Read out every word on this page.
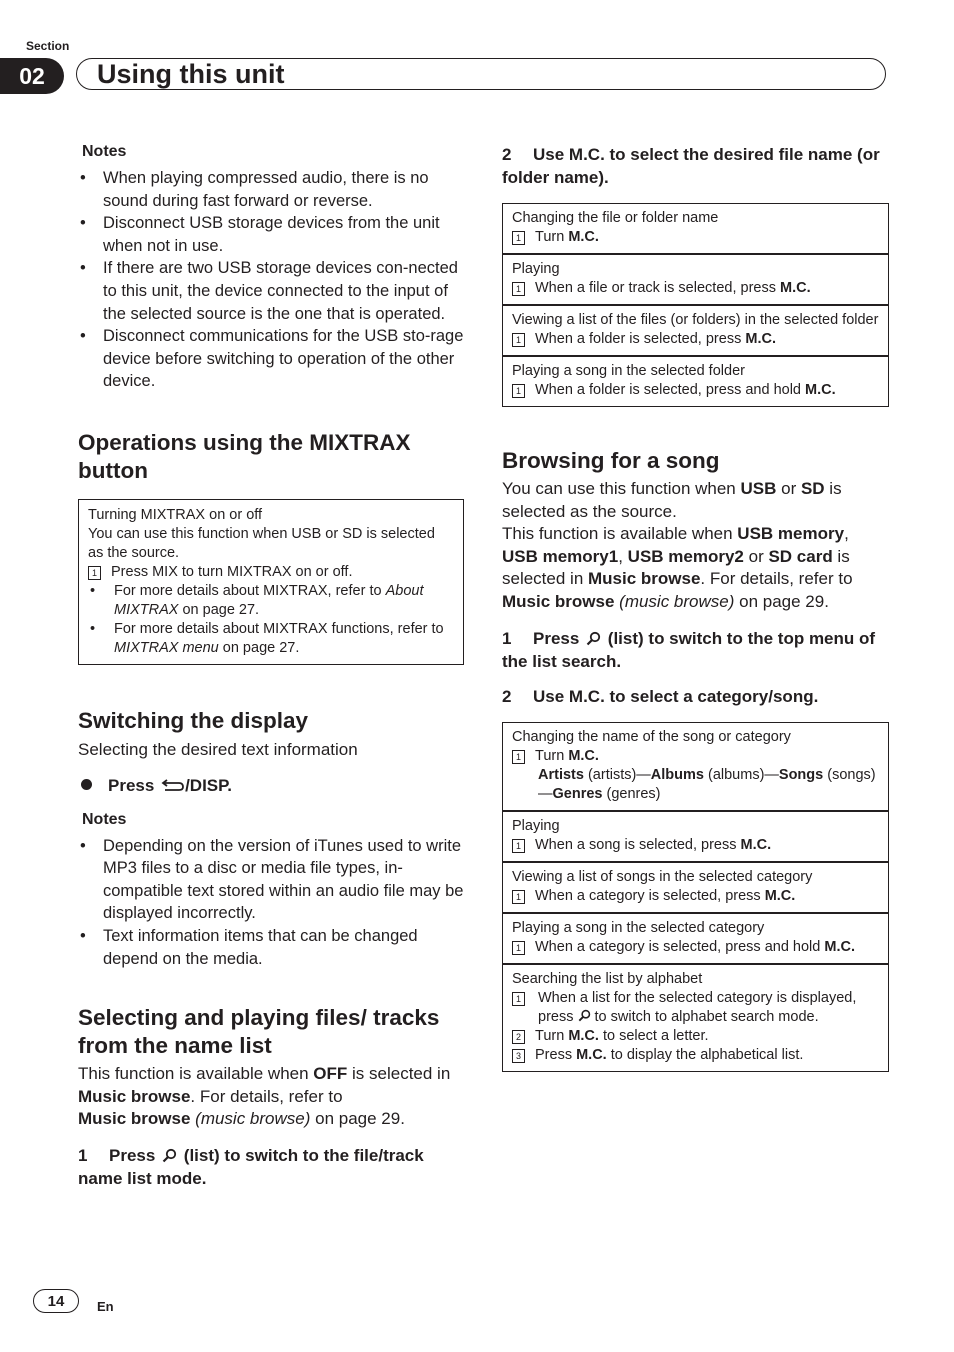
Section
02	Using this unit
Notes
• When playing compressed audio, there is no sound during fast forward or reverse.
• Disconnect USB storage devices from the unit when not in use.
• If there are two USB storage devices con-nected to this unit, the device connected to the input of the selected source is the one that is operated.
• Disconnect communications for the USB sto-rage device before switching to operation of the other device.
Operations using the MIXTRAX button
Turning MIXTRAX on or off
You can use this function when USB or SD is selected as the source.
1 Press MIX to turn MIXTRAX on or off.
• For more details about MIXTRAX, refer to About MIXTRAX on page 27.
• For more details about MIXTRAX functions, refer to MIXTRAX menu on page 27.
Switching the display
Selecting the desired text information
Press /DISP.
Notes
• Depending on the version of iTunes used to write MP3 files to a disc or media file types, in-compatible text stored within an audio file may be displayed incorrectly.
• Text information items that can be changed depend on the media.
Selecting and playing files/ tracks from the name list
This function is available when OFF is selected in Music browse. For details, refer to
Music browse (music browse) on page 29.
1 Press (list) to switch to the file/track name list mode.
2 Use M.C. to select the desired file name (or folder name).
Changing the file or folder name
1 Turn M.C.
Playing
1 When a file or track is selected, press M.C.
Viewing a list of the files (or folders) in the selected folder
1 When a folder is selected, press M.C.
Playing a song in the selected folder
1 When a folder is selected, press and hold M.C.
Browsing for a song
You can use this function when USB or SD is selected as the source.
This function is available when USB memory, USB memory1, USB memory2 or SD card is selected in Music browse. For details, refer to Music browse (music browse) on page 29.
1 Press (list) to switch to the top menu of the list search.
2 Use M.C. to select a category/song.
Changing the name of the song or category
1 Turn M.C.
Artists (artists)—Albums (albums)—Songs (songs)—Genres (genres)
Playing
1 When a song is selected, press M.C.
Viewing a list of songs in the selected category
1 When a category is selected, press M.C.
Playing a song in the selected category
1 When a category is selected, press and hold M.C.
Searching the list by alphabet
1 When a list for the selected category is displayed, press  to switch to alphabet search mode.
2 Turn M.C. to select a letter.
3 Press M.C. to display the alphabetical list.
14	En
